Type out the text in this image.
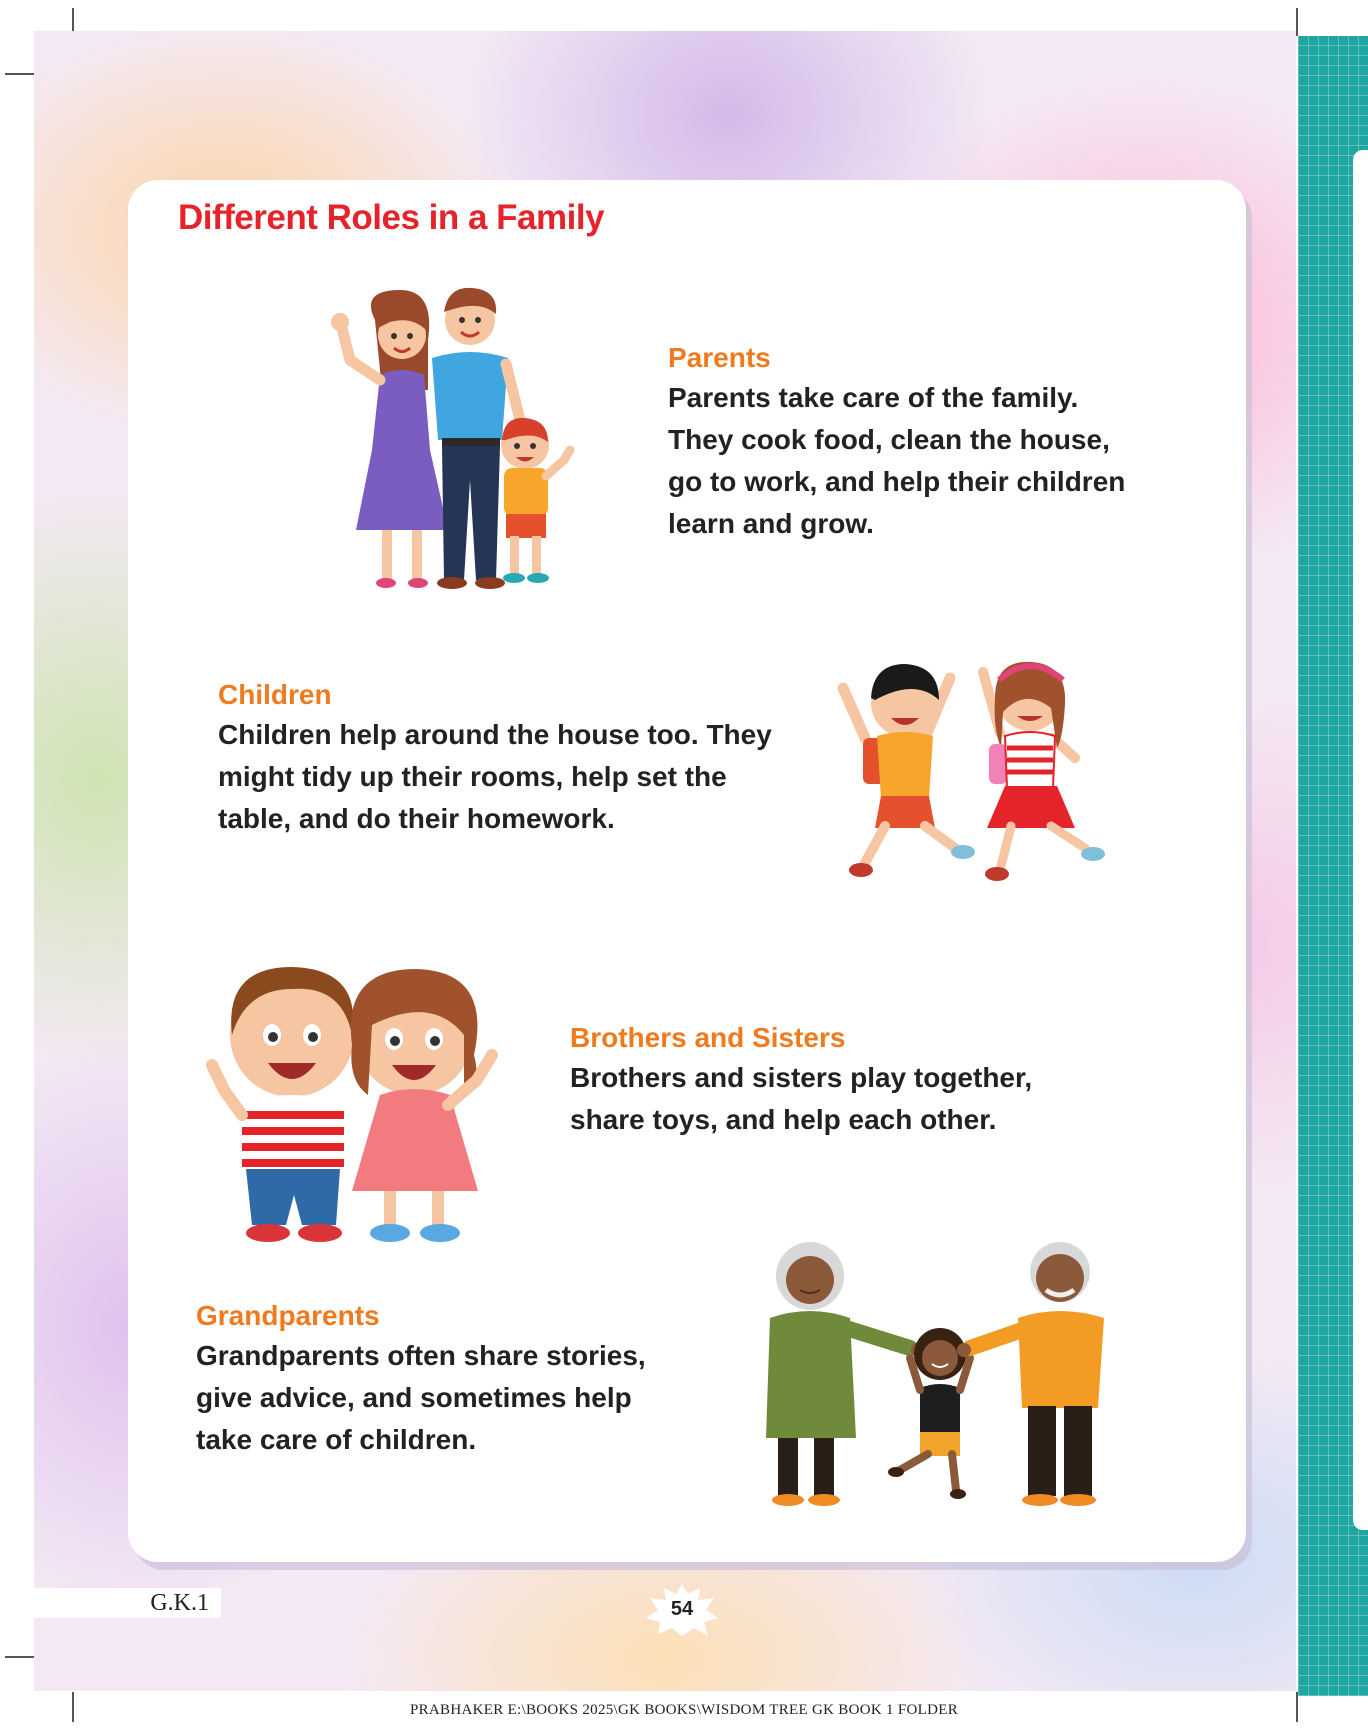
Different Roles in a Family
Parents

Parents take care of the family.

They cook food, clean the house,

go to work, and help their children

learn and grow.

Children

Children help around the house too. They

might tidy up their rooms, help set the

table, and do their homework.

Brothers and Sisters

Brothers and sisters play together,

share toys, and help each other.

Grandparents

Grandparents often share stories,

give advice, and sometimes help

take care of children.

G.K.1	54
PRABHAKER E:\BOOKS 2025\GK BOOKS\WISDOM TREE GK BOOK 1 FOLDER
